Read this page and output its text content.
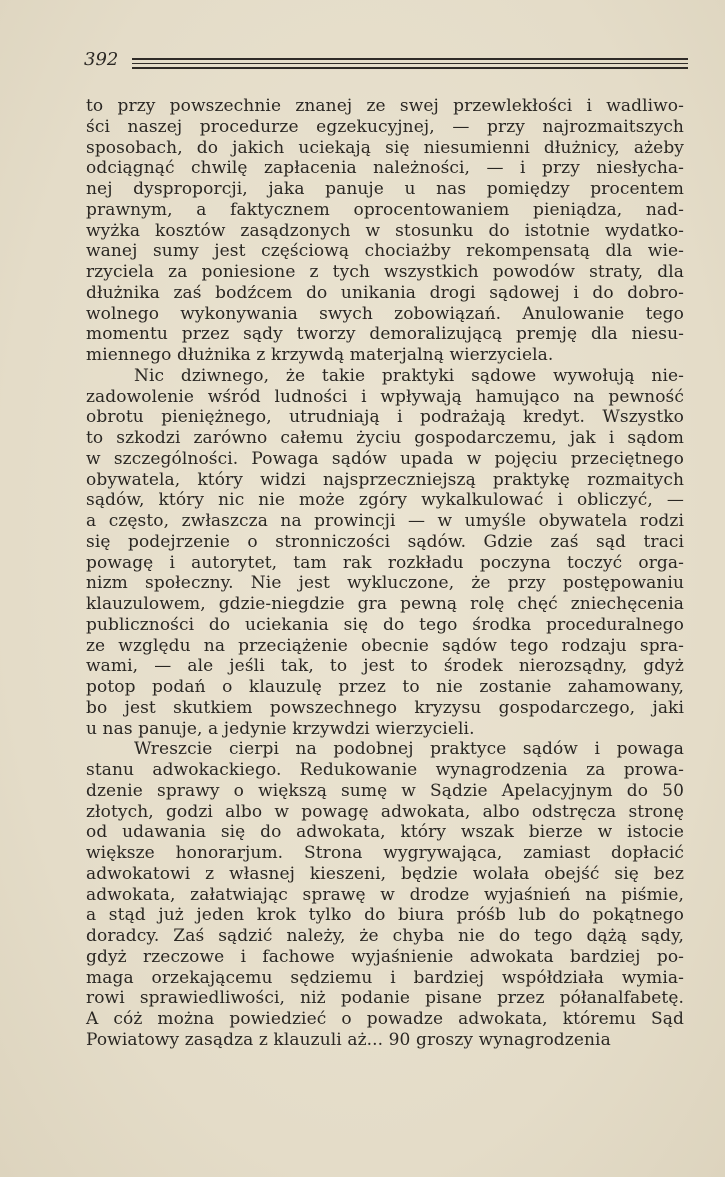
392
to przy powszechnie znanej ze swej przewlekłości i wadliwo-
ści naszej procedurze egzekucyjnej, — przy najrozmaitszych
sposobach, do jakich uciekają się niesumienni dłużnicy, ażeby
odciągnąć chwilę zapłacenia należności, — i przy niesłycha-
nej dysproporcji, jaka panuje u nas pomiędzy procentem
prawnym, a faktycznem oprocentowaniem pieniądza, nad-
wyżka kosztów zasądzonych w stosunku do istotnie wydatko-
wanej sumy jest częściową chociażby rekompensatą dla wie-
rzyciela za poniesione z tych wszystkich powodów straty, dla
dłużnika zaś bodźcem do unikania drogi sądowej i do dobro-
wolnego wykonywania swych zobowiązań. Anulowanie tego
momentu przez sądy tworzy demoralizującą premję dla niesu-
miennego dłużnika z krzywdą materjalną wierzyciela.
Nic dziwnego, że takie praktyki sądowe wywołują nie-
zadowolenie wśród ludności i wpływają hamująco na pewność
obrotu pieniężnego, utrudniają i podrażają kredyt. Wszystko
to szkodzi zarówno całemu życiu gospodarczemu, jak i sądom
w szczególności. Powaga sądów upada w pojęciu przeciętnego
obywatela, który widzi najsprzeczniejszą praktykę rozmaitych
sądów, który nic nie może zgóry wykalkulować i obliczyć, —
a często, zwłaszcza na prowincji — w umyśle obywatela rodzi
się podejrzenie o stronniczości sądów. Gdzie zaś sąd traci
powagę i autorytet, tam rak rozkładu poczyna toczyć orga-
nizm społeczny. Nie jest wykluczone, że przy postępowaniu
klauzulowem, gdzie-niegdzie gra pewną rolę chęć zniechęcenia
publiczności do uciekania się do tego środka proceduralnego
ze względu na przeciążenie obecnie sądów tego rodzaju spra-
wami, — ale jeśli tak, to jest to środek nierozsądny, gdyż
potop podań o klauzulę przez to nie zostanie zahamowany,
bo jest skutkiem powszechnego kryzysu gospodarczego, jaki
u nas panuje, a jedynie krzywdzi wierzycieli.
Wreszcie cierpi na podobnej praktyce sądów i powaga
stanu adwokackiego. Redukowanie wynagrodzenia za prowa-
dzenie sprawy o większą sumę w Sądzie Apelacyjnym do 50
złotych, godzi albo w powagę adwokata, albo odstręcza stronę
od udawania się do adwokata, który wszak bierze w istocie
większe honorarjum. Strona wygrywająca, zamiast dopłacić
adwokatowi z własnej kieszeni, będzie wolała obejść się bez
adwokata, załatwiając sprawę w drodze wyjaśnień na piśmie,
a stąd już jeden krok tylko do biura próśb lub do pokątnego
doradcy. Zaś sądzić należy, że chyba nie do tego dążą sądy,
gdyż rzeczowe i fachowe wyjaśnienie adwokata bardziej po-
maga orzekającemu sędziemu i bardziej współdziała wymia-
rowi sprawiedliwości, niż podanie pisane przez półanalfabetę.
A cóż można powiedzieć o powadze adwokata, któremu Sąd
Powiatowy zasądza z klauzuli aż... 90 groszy wynagrodzenia
